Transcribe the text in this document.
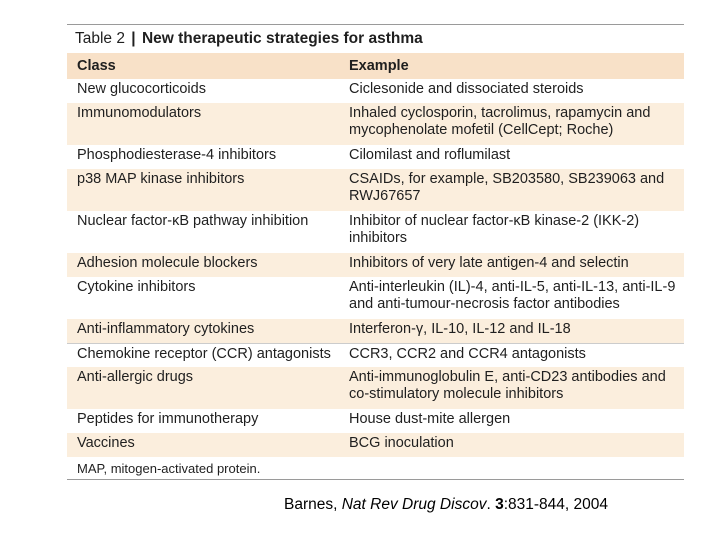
Table 2 | New therapeutic strategies for asthma
Class	Example
New glucocorticoids	Ciclesonide and dissociated steroids
Immunomodulators	Inhaled cyclosporin, tacrolimus, rapamycin and mycophenolate mofetil (CellCept; Roche)
Phosphodiesterase-4 inhibitors	Cilomilast and roflumilast
p38 MAP kinase inhibitors	CSAIDs, for example, SB203580, SB239063 and RWJ67657
Nuclear factor-κB pathway inhibition	Inhibitor of nuclear factor-κB kinase-2 (IKK-2) inhibitors
Adhesion molecule blockers	Inhibitors of very late antigen-4 and selectin
Cytokine inhibitors	Anti-interleukin (IL)-4, anti-IL-5, anti-IL-13, anti-IL-9 and anti-tumour-necrosis factor antibodies
Anti-inflammatory cytokines	Interferon-γ, IL-10, IL-12 and IL-18
Chemokine receptor (CCR) antagonists	CCR3, CCR2 and CCR4 antagonists
Anti-allergic drugs	Anti-immunoglobulin E, anti-CD23 antibodies and co-stimulatory molecule inhibitors
Peptides for immunotherapy	House dust-mite allergen
Vaccines	BCG inoculation
MAP, mitogen-activated protein.
Barnes, Nat Rev Drug Discov. 3:831-844, 2004
